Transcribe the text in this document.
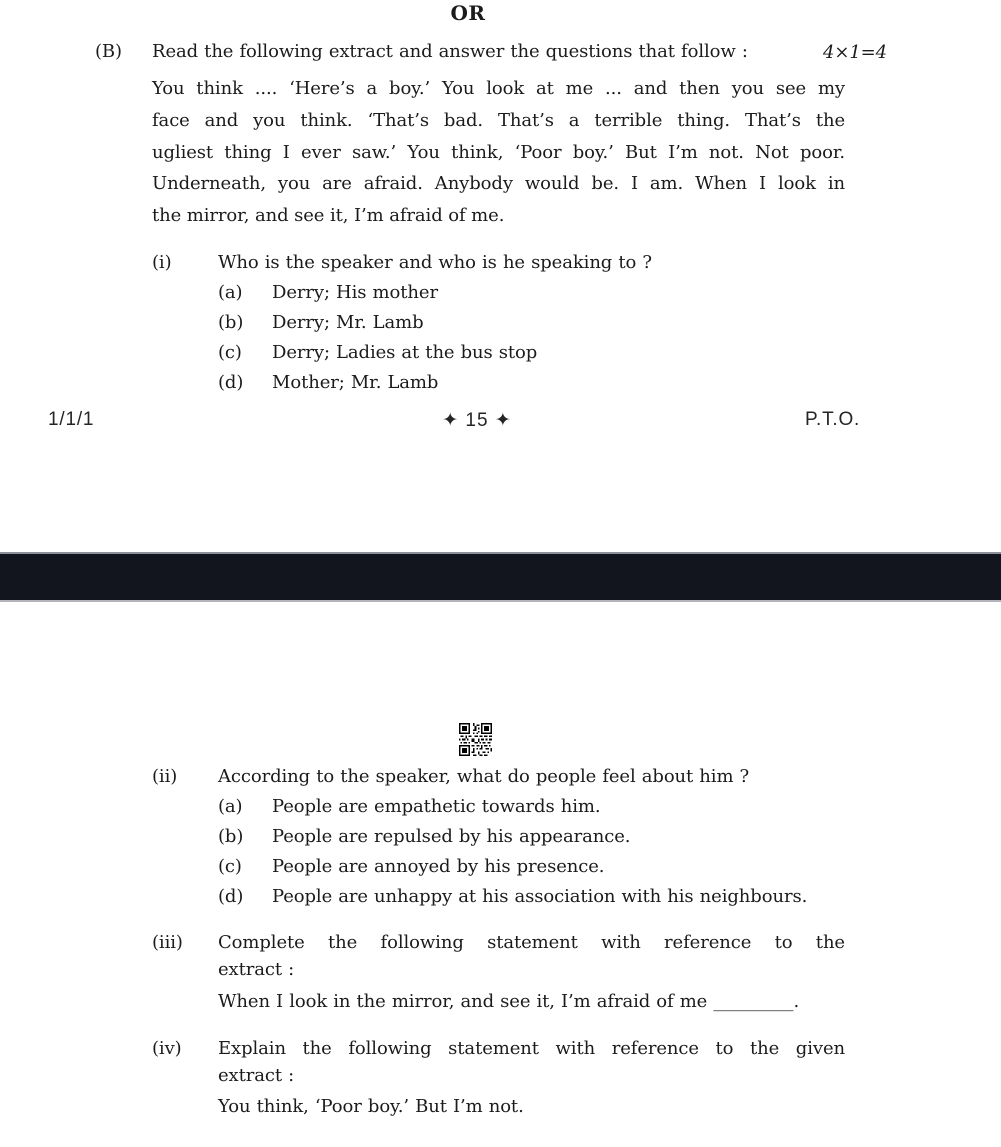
OR
(B) Read the following extract and answer the questions that follow :	4×1=4
You think .... ‘Here’s a boy.’ You look at me ... and then you see my
face and you think. ‘That’s bad. That’s a terrible thing. That’s the
ugliest thing I ever saw.’ You think, ‘Poor boy.’ But I’m not. Not poor.
Underneath, you are afraid. Anybody would be. I am. When I look in
the mirror, and see it, I’m afraid of me.
(i)	Who is the speaker and who is he speaking to ?
(a) Derry; His mother
(b) Derry; Mr. Lamb
(c) Derry; Ladies at the bus stop
(d) Mother; Mr. Lamb
1/1/1	✦ 15 ✦	P.T.O.
(ii) According to the speaker, what do people feel about him ?
(a) People are empathetic towards him.
(b) People are repulsed by his appearance.
(c) People are annoyed by his presence.
(d) People are unhappy at his association with his neighbours.
(iii) Complete the following statement with reference to the
extract :
When I look in the mirror, and see it, I’m afraid of me _________.
(iv) Explain the following statement with reference to the given
extract :
You think, ‘Poor boy.’ But I’m not.
